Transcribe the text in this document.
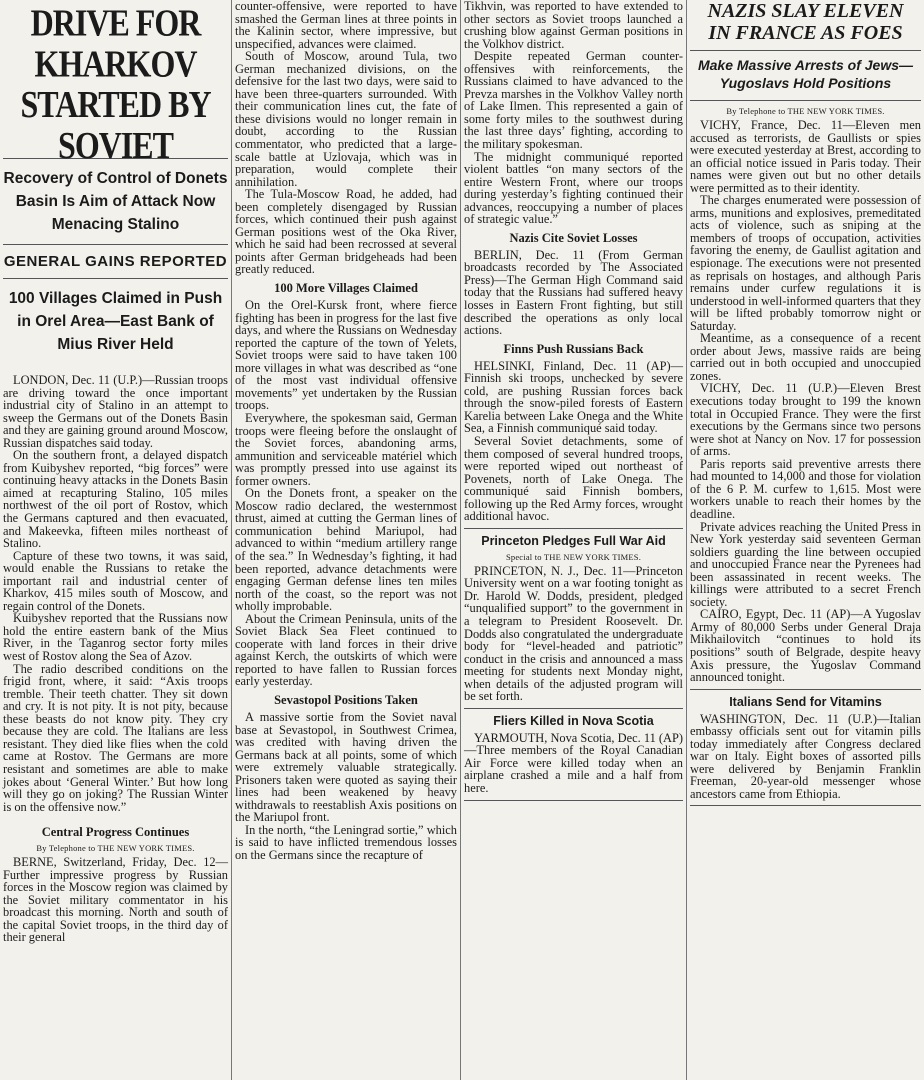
DRIVE FOR KHARKOV
STARTED BY SOVIET
Recovery of Control of Donets Basin Is Aim of Attack Now Menacing Stalino
GENERAL GAINS REPORTED
100 Villages Claimed in Push in Orel Area—East Bank of Mius River Held

LONDON, Dec. 11 (U.P.)—Russian troops are driving toward the once important industrial city of Stalino in an attempt to sweep the Germans out of the Donets Basin and they are gaining ground around Moscow, Russian dispatches said today.

On the southern front, a delayed dispatch from Kuibyshev reported, “big forces” were continuing heavy attacks in the Donets Basin aimed at recapturing Stalino, 105 miles northwest of the oil port of Rostov, which the Germans captured and then evacuated, and Makeevka, fifteen miles northeast of Stalino.

Capture of these two towns, it was said, would enable the Russians to retake the important rail and industrial center of Kharkov, 415 miles south of Moscow, and regain control of the Donets.

Kuibyshev reported that the Russians now hold the entire eastern bank of the Mius River, in the Taganrog sector forty miles west of Rostov along the Sea of Azov.

The radio described conditions on the frigid front, where, it said: “Axis troops tremble. Their teeth chatter. They sit down and cry. It is not pity. It is not pity, because these beasts do not know pity. They cry because they are cold. The Italians are less resistant. They died like flies when the cold came at Rostov. The Germans are more resistant and sometimes are able to make jokes about ‘General Winter.’ But how long will they go on joking? The Russian Winter is on the offensive now.”

Central Progress Continues
By Telephone to THE NEW YORK TIMES.

BERNE, Switzerland, Friday, Dec. 12—Further impressive progress by Russian forces in the Moscow region was claimed by the Soviet military commentator in his broadcast this morning. North and south of the capital Soviet troops, in the third day of their general

counter-offensive, were reported to have smashed the German lines at three points in the Kalinin sector, where impressive, but unspecified, advances were claimed.

South of Moscow, around Tula, two German mechanized divisions, on the defensive for the last two days, were said to have been three-quarters surrounded. With their communication lines cut, the fate of these divisions would no longer remain in doubt, according to the Russian commentator, who predicted that a large-scale battle at Uzlovaja, which was in preparation, would complete their annihilation.

The Tula-Moscow Road, he added, had been completely disengaged by Russian forces, which continued their push against German positions west of the Oka River, which he said had been recrossed at several points after German bridgeheads had been greatly reduced.

100 More Villages Claimed

On the Orel-Kursk front, where fierce fighting has been in progress for the last five days, and where the Russians on Wednesday reported the capture of the town of Yelets, Soviet troops were said to have taken 100 more villages in what was described as “one of the most vast individual offensive movements” yet undertaken by the Russian troops.

Everywhere, the spokesman said, German troops were fleeing before the onslaught of the Soviet forces, abandoning arms, ammunition and serviceable matériel which was promptly pressed into use against its former owners.

On the Donets front, a speaker on the Moscow radio declared, the westernmost thrust, aimed at cutting the German lines of communication behind Mariupol, had advanced to within “medium artillery range of the sea.” In Wednesday’s fighting, it had been reported, advance detachments were engaging German defense lines ten miles north of the coast, so the report was not wholly improbable.

About the Crimean Peninsula, units of the Soviet Black Sea Fleet continued to cooperate with land forces in their drive against Kerch, the outskirts of which were reported to have fallen to Russian forces early yesterday.

Sevastopol Positions Taken

A massive sortie from the Soviet naval base at Sevastopol, in Southwest Crimea, was credited with having driven the Germans back at all points, some of which were extremely valuable strategically. Prisoners taken were quoted as saying their lines had been weakened by heavy withdrawals to reestablish Axis positions on the Mariupol front.

In the north, “the Leningrad sortie,” which is said to have inflicted tremendous losses on the Germans since the recapture of

Tikhvin, was reported to have extended to other sectors as Soviet troops launched a crushing blow against German positions in the Volkhov district.

Despite repeated German counter-offensives with reinforcements, the Russians claimed to have advanced to the Prevza marshes in the Volkhov Valley north of Lake Ilmen. This represented a gain of some forty miles to the southwest during the last three days’ fighting, according to the military spokesman.

The midnight communiqué reported violent battles “on many sectors of the entire Western Front, where our troops during yesterday’s fighting continued their advances, reoccupying a number of places of strategic value.”

Nazis Cite Soviet Losses

BERLIN, Dec. 11 (From German broadcasts recorded by The Associated Press)—The German High Command said today that the Russians had suffered heavy losses in Eastern Front fighting, but still described the operations as only local actions.

Finns Push Russians Back

HELSINKI, Finland, Dec. 11 (AP)—Finnish ski troops, unchecked by severe cold, are pushing Russian forces back through the snow-piled forests of Eastern Karelia between Lake Onega and the White Sea, a Finnish communiqué said today.

Several Soviet detachments, some of them composed of several hundred troops, were reported wiped out northeast of Povenets, north of Lake Onega. The communiqué said Finnish bombers, following up the Red Army forces, wrought additional havoc.

Princeton Pledges Full War Aid
Special to THE NEW YORK TIMES.

PRINCETON, N. J., Dec. 11—Princeton University went on a war footing tonight as Dr. Harold W. Dodds, president, pledged “unqualified support” to the government in a telegram to President Roosevelt. Dr. Dodds also congratulated the undergraduate body for “level-headed and patriotic” conduct in the crisis and announced a mass meeting for students next Monday night, when details of the adjusted program will be set forth.

Fliers Killed in Nova Scotia

YARMOUTH, Nova Scotia, Dec. 11 (AP)—Three members of the Royal Canadian Air Force were killed today when an airplane crashed a mile and a half from here.

NAZIS SLAY ELEVEN
IN FRANCE AS FOES
Make Massive Arrests of Jews—Yugoslavs Hold Positions
By Telephone to THE NEW YORK TIMES.

VICHY, France, Dec. 11—Eleven men accused as terrorists, de Gaullists or spies were executed yesterday at Brest, according to an official notice issued in Paris today. Their names were given out but no other details were permitted as to their identity.

The charges enumerated were possession of arms, munitions and explosives, premeditated acts of violence, such as sniping at the members of troops of occupation, activities favoring the enemy, de Gaullist agitation and espionage. The executions were not presented as reprisals on hostages, and although Paris remains under curfew regulations it is understood in well-informed quarters that they will be lifted probably tomorrow night or Saturday.

Meantime, as a consequence of a recent order about Jews, massive raids are being carried out in both occupied and unoccupied zones.

VICHY, Dec. 11 (U.P.)—Eleven Brest executions today brought to 199 the known total in Occupied France. They were the first executions by the Germans since two persons were shot at Nancy on Nov. 17 for possession of arms.

Paris reports said preventive arrests there had mounted to 14,000 and those for violation of the 6 P. M. curfew to 1,615. Most were workers unable to reach their homes by the deadline.

Private advices reaching the United Press in New York yesterday said seventeen German soldiers guarding the line between occupied and unoccupied France near the Pyrenees had been assassinated in recent weeks. The killings were attributed to a secret French society.

CAIRO, Egypt, Dec. 11 (AP)—A Yugoslav Army of 80,000 Serbs under General Draja Mikhailovitch “continues to hold its positions” south of Belgrade, despite heavy Axis pressure, the Yugoslav Command announced tonight.

Italians Send for Vitamins

WASHINGTON, Dec. 11 (U.P.)—Italian embassy officials sent out for vitamin pills today immediately after Congress declared war on Italy. Eight boxes of assorted pills were delivered by Benjamin Franklin Freeman, 20-year-old messenger whose ancestors came from Ethiopia.
